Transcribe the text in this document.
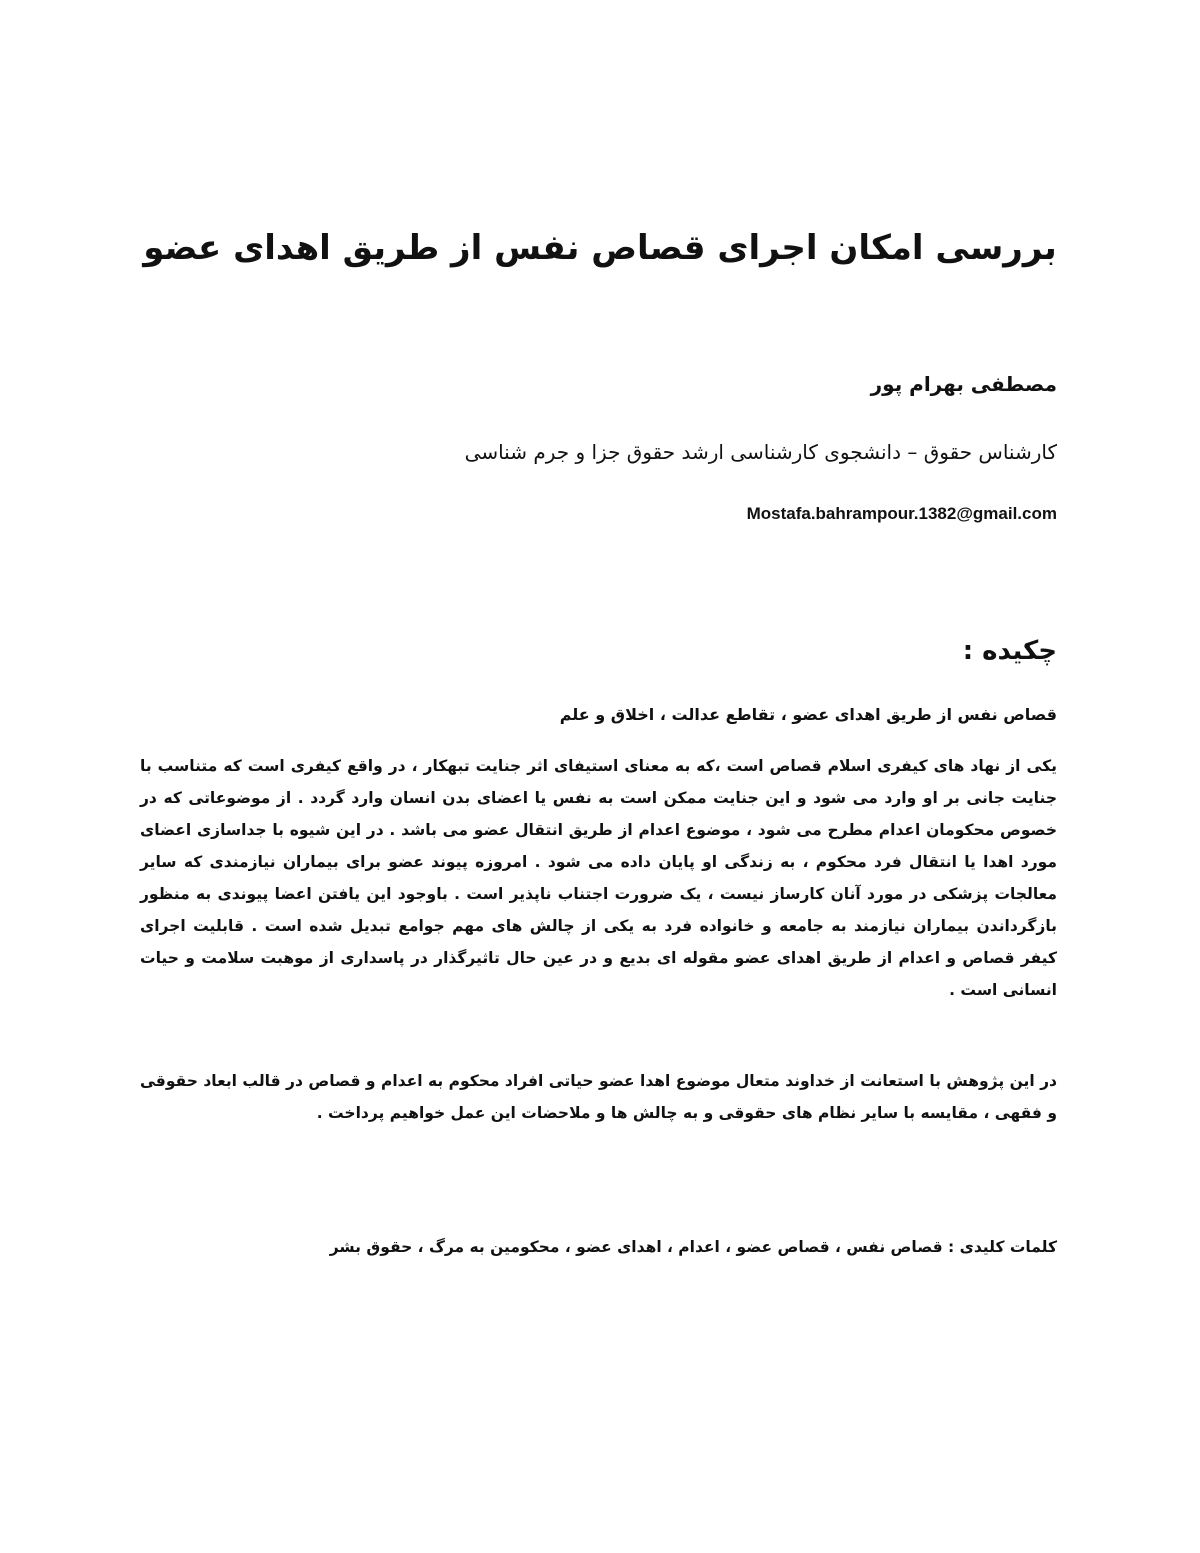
بررسی امکان اجرای قصاص نفس از طریق اهدای عضو

مصطفی بهرام پور

کارشناس حقوق – دانشجوی کارشناسی ارشد حقوق جزا و جرم شناسی

Mostafa.bahrampour.1382@gmail.com

چکیده :

قصاص نفس از طریق اهدای عضو ، تقاطع عدالت ، اخلاق و علم

یکی از نهاد های کیفری اسلام قصاص است ،که به معنای استیفای اثر جنایت تبهکار ، در واقع کیفری است که متناسب با جنایت جانی بر او وارد می شود و این جنایت ممکن است به نفس یا اعضای بدن انسان وارد گردد . از موضوعاتی که در خصوص محکومان اعدام مطرح می شود ، موضوع اعدام از طریق انتقال عضو می باشد . در این شیوه با جداسازی اعضای مورد اهدا یا انتقال فرد محکوم ، به زندگی او پایان داده می شود . امروزه پیوند عضو برای بیماران نیازمندی که سایر معالجات پزشکی در مورد آنان کارساز نیست ، یک ضرورت اجتناب ناپذیر است . باوجود این یافتن اعضا پیوندی به منظور بازگرداندن بیماران نیازمند به جامعه و خانواده فرد به یکی از چالش های مهم جوامع تبدیل شده است . قابلیت اجرای کیفر قصاص و اعدام از طریق اهدای عضو مقوله ای بدیع و در عین حال تاثیرگذار در پاسداری از موهبت سلامت و حیات انسانی است .

در این پژوهش با استعانت از خداوند متعال موضوع اهدا عضو حیاتی افراد محکوم به اعدام و قصاص در قالب ابعاد حقوقی و فقهی ، مقایسه با سایر نظام های حقوقی و به چالش ها و ملاحضات این عمل خواهیم پرداخت .

کلمات کلیدی : قصاص نفس ، قصاص عضو ، اعدام ، اهدای عضو ، محکومین به مرگ ، حقوق بشر
